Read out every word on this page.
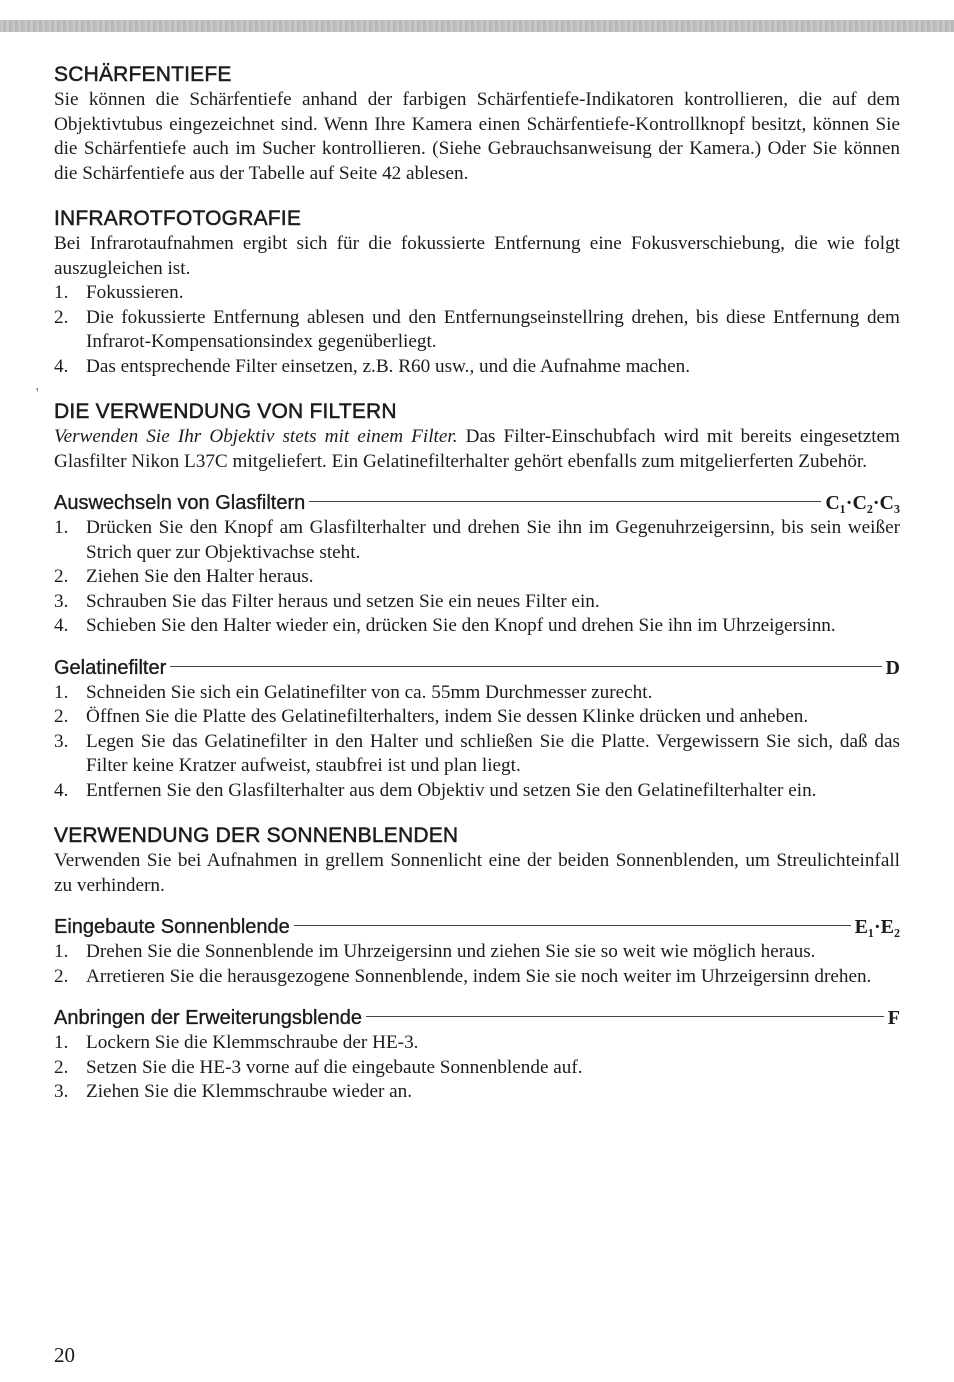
'
SCHÄRFENTIEFE

Sie können die Schärfentiefe anhand der farbigen Schärfentiefe-Indikatoren kontrollieren, die auf dem Objektivtubus eingezeichnet sind. Wenn Ihre Kamera einen Schärfentiefe-Kontrollknopf besitzt, können Sie die Schärfentiefe auch im Sucher kontrollieren. (Siehe Gebrauchsanweisung der Kamera.) Oder Sie können die Schärfentiefe aus der Tabelle auf Seite 42 ablesen.

INFRAROTFOTOGRAFIE

Bei Infrarotaufnahmen ergibt sich für die fokussierte Entfernung eine Fokusverschiebung, die wie folgt auszugleichen ist.

1. Fokussieren.
2. Die fokussierte Entfernung ablesen und den Entfernungseinstellring drehen, bis diese Entfernung dem Infrarot-Kompensationsindex gegenüberliegt.
4. Das entsprechende Filter einsetzen, z.B. R60 usw., und die Aufnahme machen.
DIE VERWENDUNG VON FILTERN

Verwenden Sie Ihr Objektiv stets mit einem Filter. Das Filter-Einschubfach wird mit bereits eingesetztem Glasfilter Nikon L37C mitgeliefert. Ein Gelatinefilterhalter gehört ebenfalls zum mitgelierferten Zubehör.

Auswechseln von Glasfiltern	C₁·C₂·C₃
1. Drücken Sie den Knopf am Glasfilterhalter und drehen Sie ihn im Gegenuhrzeigersinn, bis sein weißer Strich quer zur Objektivachse steht.
2. Ziehen Sie den Halter heraus.
3. Schrauben Sie das Filter heraus und setzen Sie ein neues Filter ein.
4. Schieben Sie den Halter wieder ein, drücken Sie den Knopf und drehen Sie ihn im Uhrzeigersinn.
Gelatinefilter	D
1. Schneiden Sie sich ein Gelatinefilter von ca. 55mm Durchmesser zurecht.
2. Öffnen Sie die Platte des Gelatinefilterhalters, indem Sie dessen Klinke drücken und anheben.
3. Legen Sie das Gelatinefilter in den Halter und schließen Sie die Platte. Vergewissern Sie sich, daß das Filter keine Kratzer aufweist, staubfrei ist und plan liegt.
4. Entfernen Sie den Glasfilterhalter aus dem Objektiv und setzen Sie den Gelatinefilterhalter ein.
VERWENDUNG DER SONNENBLENDEN

Verwenden Sie bei Aufnahmen in grellem Sonnenlicht eine der beiden Sonnenblenden, um Streulichteinfall zu verhindern.

Eingebaute Sonnenblende	E₁·E₂
1. Drehen Sie die Sonnenblende im Uhrzeigersinn und ziehen Sie sie so weit wie möglich heraus.
2. Arretieren Sie die herausgezogene Sonnenblende, indem Sie sie noch weiter im Uhrzeigersinn drehen.
Anbringen der Erweiterungsblende	F
1. Lockern Sie die Klemmschraube der HE-3.
2. Setzen Sie die HE-3 vorne auf die eingebaute Sonnenblende auf.
3. Ziehen Sie die Klemmschraube wieder an.
20
